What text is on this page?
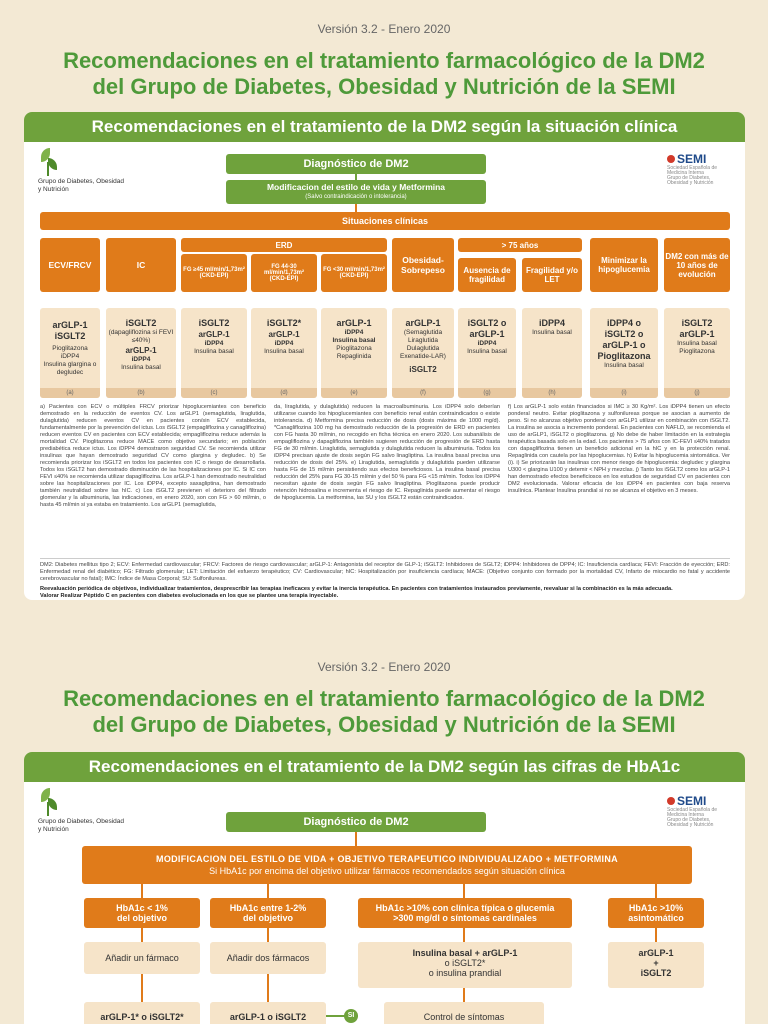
Versión 3.2 - Enero 2020
Recomendaciones en el tratamiento farmacológico de la DM2
del Grupo de Diabetes, Obesidad y Nutrición de la SEMI
Recomendaciones en el tratamiento de la DM2 según la situación clínica
Grupo de Diabetes, Obesidad y Nutrición
SEMI
Sociedad Española de Medicina Interna
Grupo de Diabetes, Obesidad y Nutrición
Diagnóstico de DM2
Modificacion del estilo de vida y Metformina
(Salvo contraindicación o intolerancia)
Situaciones clínicas
ECV/FRCV	IC
ERD
FG ≥45 ml/min/1,73m²
(CKD-EPI)
FG 44-30 ml/min/1,73m²
(CKD-EPI)
FG <30 ml/min/1,73m²
(CKD-EPI)
Obesidad-Sobrepeso
> 75 años
Ausencia de fragilidad
Fragilidad y/o LET
Minimizar la hipoglucemia
DM2 con más de 10 años de evolución
arGLP-1
iSGLT2
Pioglitazona
iDPP4
Insulina glargina o degludec
(a)
iSGLT2
(dapagliflozina si FEVI ≤40%)
arGLP-1
iDPP4
Insulina basal
(b)
iSGLT2
arGLP-1
iDPP4
Insulina basal
(c)
iSGLT2*
arGLP-1
iDPP4
Insulina basal
(d)
arGLP-1
iDPP4
Insulina basal
Pioglitazona
Repaglinida
(e)
arGLP-1
(Semaglutida Liraglutida Dulaglutida Exenatide-LAR)
iSGLT2
(f)
iSGLT2 o
arGLP-1
iDPP4
Insulina basal
(g)
iDPP4
Insulina basal
(h)
iDPP4 o
iSGLT2 o
arGLP-1 o
Pioglitazona
Insulina basal
(i)
iSGLT2
arGLP-1
Insulina basal
Pioglitazona
(j)
a) Pacientes con ECV o múltiples FRCV priorizar hipoglucemiantes con beneficio demostrado en la reducción de eventos CV. Los arGLP1 (semaglutida, liraglutida, dulaglutida) reducen eventos CV en pacientes con/sin ECV establecida, fundamentalmente por la prevención del ictus. Los iSGLT2 (empagliflozina y canagliflozina) reducen eventos CV en pacientes con ECV establecida; empagliflozina reduce además la mortalidad CV. Pioglitazona reduce MACE como objetivo secundario; en población prediabética reduce ictus. Los iDPP4 demostraron seguridad CV. Se recomienda utilizar insulinas que hayan demostrado seguridad CV como glargina y degludec. b) Se recomienda priorizar los iSGLT2 en todos los pacientes con IC o riesgo de desarrollarla. Todos los iSGLT2 han demostrado disminución de las hospitalizaciones por IC. Si IC con FEVI ≤40% se recomienda utilizar dapagliflozina. Los arGLP-1 han demostrado neutralidad sobre las hospitalizaciones por IC. Los iDPP4, excepto saxagliptina, han demostrado también neutralidad sobre las hIC. c) Los iSGLT2 previenen el deterioro del filtrado glomerular y la albuminuria, las indicaciones, en enero 2020, son con FG > 60 ml/min, o hasta 45 ml/min si ya estaba en tratamiento. Los arGLP1 (semaglutida,
da, liraglutida, y dulaglutida) reducen la macroalbuminuria. Los iDPP4 solo deberían utilizarse cuando los hipoglucemiantes con beneficio renal están contraindicados o existe intolerancia. d) Metformina precisa reducción de dosis (dosis máxima de 1000 mg/d). *Canagliflozina 100 mg ha demostrado reducción de la progresión de ERD en pacientes con FG hasta 30 ml/min, no recogido en ficha técnica en enero 2020. Los subanálisis de empagliflozina y dapagliflozina también sugieren reducción de progresión de ERD hasta FG de 30 ml/min. Liraglutida, semaglutida y dulaglutida reducen la albuminuria. Todos los iDPP4 precisan ajuste de dosis según FG salvo linagliptina. La insulina basal precisa una reducción de dosis del 25%. e) Liraglutida, semaglutida y dulaglutida pueden utilizarse hasta FG de 15 ml/min persistiendo sus efectos beneficiosos. La insulina basal precisa reducción del 25% para FG 30-15 ml/min y del 50 % para FG <15 ml/min. Todos los iDPP4 necesitan ajuste de dosis según FG salvo linagliptina. Pioglitazona puede producir retención hidrosalina e incrementa el riesgo de IC. Repaglinida puede aumentar el riesgo de hipoglucemia. La metformina, las SU y los iSGLT2 están contraindicados.
f) Los arGLP-1 solo están financiados si IMC ≥ 30 Kg/m². Los iDPP4 tienen un efecto ponderal neutro. Evitar pioglitazona y sulfonilureas porque se asocian a aumento de peso. Si no alcanzas objetivo ponderal con arGLP1 utilizar en combinación con iSGLT2. La insulina se asocia a incremento ponderal. En pacientes con NAFLD, se recomienda el uso de arGLP1, iSGLT2 o pioglitazona. g) No debe de haber limitación en la estrategia terapéutica basada solo en la edad. Los pacientes > 75 años con IC-FEVI ≤40% tratados con dapagliflozina tienen un beneficio adicional en la hIC y en la protección renal. Repaglinida con cautela por las hipoglucemias. h) Evitar la hipoglucemia sintomática. Ver (i). i) Se priorizarán las insulinas con menor riesgo de hipoglucemia: degludec y glargina U300 < glargina U100 y detemir < NPH y mezclas. j) Tanto los iSGLT2 como los arGLP-1 han demostrado efectos beneficiosos en los estudios de seguridad CV en pacientes con DM2 evolucionada. Valorar eficacia de los iDPP4 en pacientes con baja reserva insulínica. Plantear Insulina prandial si no se alcanza el objetivo en 3 meses.
DM2: Diabetes mellitus tipo 2; ECV: Enfermedad cardiovascular; FRCV: Factores de riesgo cardiovascular; arGLP-1: Antagonista del receptor de GLP-1; iSGLT2: Inhibidores de SGLT2; iDPP4: Inhibidores de DPP4; IC: Insuficiencia cardíaca; FEVI: Fracción de eyección; ERD: Enfermedad renal del diabético; FG: Filtrado glomerular; LET: Limitación del esfuerzo terapéutico; CV: Cardiovascular; hIC: Hospitalización por insuficiencia cardíaca; MACE: (Objetivo conjunto con formado por la mortalidad CV, Infarto de miocardio no fatal y accidente cerebrovascular no fatal); IMC: Índice de Masa Corporal; SU: Sulfonilureas.
Reevaluación periódica de objetivos, individualizar tratamientos, desprescribir las terapias ineficaces y evitar la inercia terapéutica. En pacientes con tratamientos instaurados previamente, reevaluar si la combinación es la más adecuada.
Valorar Realizar Péptido C en pacientes con diabetes evolucionada en los que se plantee una terapia inyectable.
Versión 3.2 - Enero 2020
Recomendaciones en el tratamiento farmacológico de la DM2
del Grupo de Diabetes, Obesidad y Nutrición de la SEMI
Recomendaciones en el tratamiento de la DM2 según las cifras de HbA1c
Grupo de Diabetes, Obesidad y Nutrición
SEMI
Sociedad Española de Medicina Interna
Grupo de Diabetes, Obesidad y Nutrición
Diagnóstico de DM2
MODIFICACION DEL ESTILO DE VIDA + OBJETIVO TERAPEUTICO INDIVIDUALIZADO + METFORMINA
Si HbA1c por encima del objetivo utilizar fármacos recomendados según situación clínica
HbA1c < 1%
del objetivo
HbA1c entre 1-2%
del objetivo
HbA1c >10% con clínica típica o glucemia
>300 mg/dl o síntomas cardinales
HbA1c >10%
asintomático
Añadir un fármaco	Añadir dos fármacos	Insulina basal + arGLP-1
o iSGLT2*
o insulina prandial
arGLP-1
+
iSGLT2
arGLP-1* o iSGLT2*	arGLP-1 o iSGLT2	SI	Control de síntomas
